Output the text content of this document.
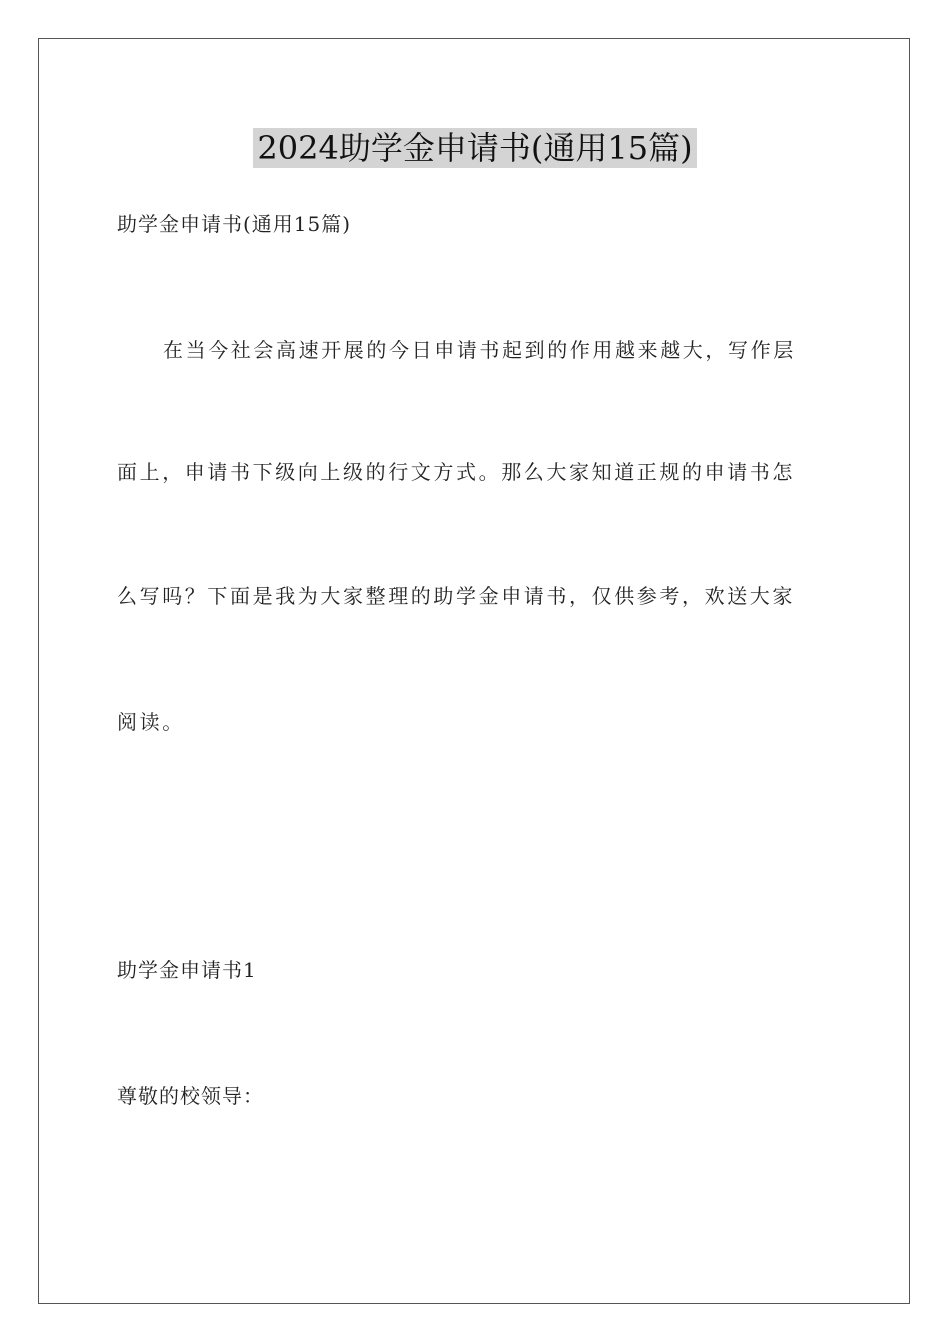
2024助学金申请书(通用15篇)
助学金申请书(通用15篇)
在当今社会高速开展的今日申请书起到的作用越来越大，写作层
面上，申请书下级向上级的行文方式。那么大家知道正规的申请书怎
么写吗？下面是我为大家整理的助学金申请书，仅供参考，欢送大家
阅读。
助学金申请书1
尊敬的校领导：
